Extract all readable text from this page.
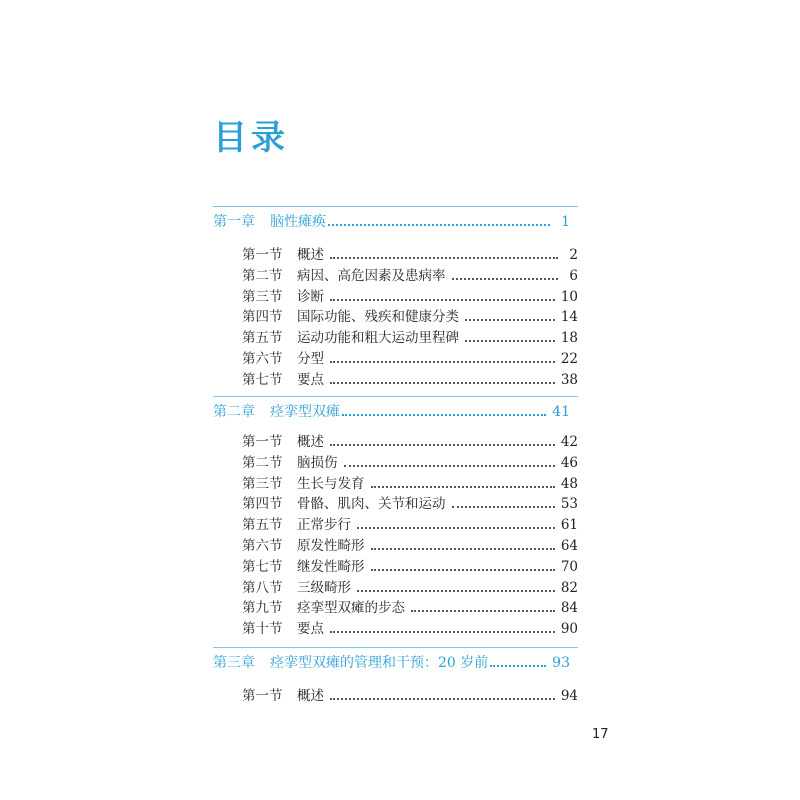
目录
第一章	脑性瘫痪	1
第一节	概述	2
第二节	病因、高危因素及患病率	6
第三节	诊断	10
第四节	国际功能、残疾和健康分类	14
第五节	运动功能和粗大运动里程碑	18
第六节	分型	22
第七节	要点	38
第二章	痉挛型双瘫	41
第一节	概述	42
第二节	脑损伤	46
第三节	生长与发育	48
第四节	骨骼、肌肉、关节和运动	53
第五节	正常步行	61
第六节	原发性畸形	64
第七节	继发性畸形	70
第八节	三级畸形	82
第九节	痉挛型双瘫的步态	84
第十节	要点	90
第三章	痉挛型双瘫的管理和干预：20 岁前	93
第一节	概述	94
17
